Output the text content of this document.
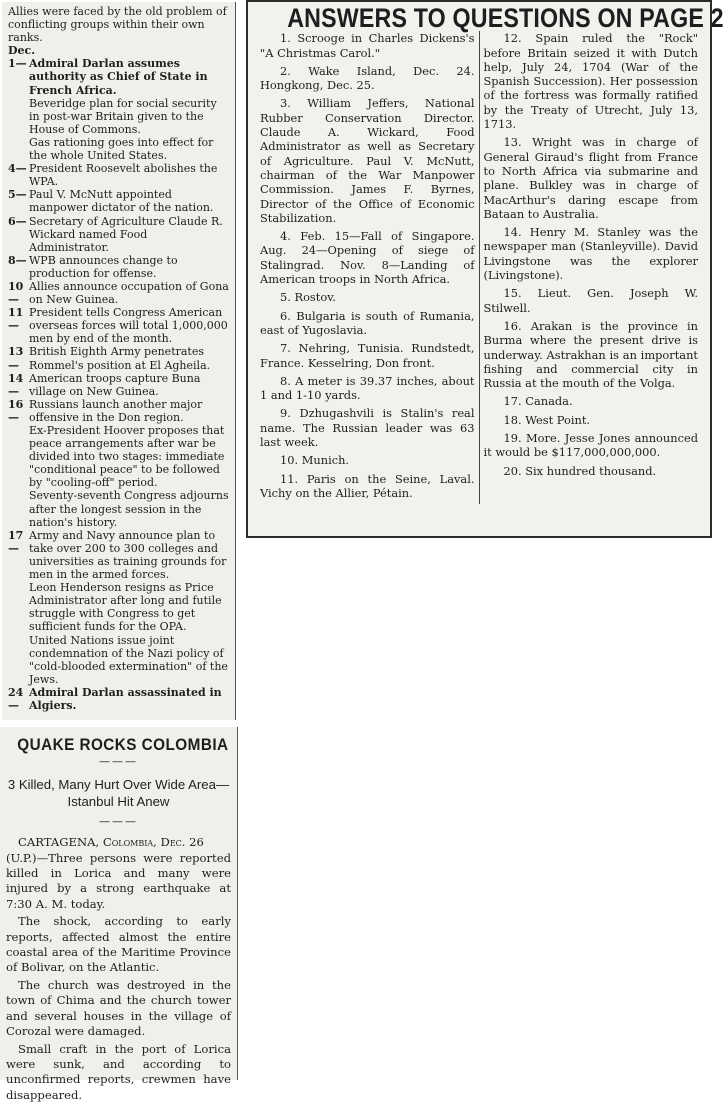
Allies were faced by the old problem of conflicting groups within their own ranks.

Dec.

1— Admiral Darlan assumes authority as Chief of State in French Africa.
Beveridge plan for social security in post-war Britain given to the House of Commons.
Gas rationing goes into effect for the whole United States.
4— President Roosevelt abolishes the WPA.
5— Paul V. McNutt appointed manpower dictator of the nation.
6— Secretary of Agriculture Claude R. Wickard named Food Administrator.
8— WPB announces change to production for offense.
10—
Allies announce occupation of Gona on New Guinea.
11—
President tells Congress American overseas forces will total 1,000,000 men by end of the month.
13—
British Eighth Army penetrates Rommel's position at El Agheila.
14—
American troops capture Buna village on New Guinea.
16—
Russians launch another major offensive in the Don region.
Ex-President Hoover proposes that peace arrangements after war be divided into two stages: immediate "conditional peace" to be followed by "cooling-off" period.
Seventy-seventh Congress adjourns after the longest session in the nation's history.
17—
Army and Navy announce plan to take over 200 to 300 colleges and universities as training grounds for men in the armed forces.
Leon Henderson resigns as Price Administrator after long and futile struggle with Congress to get sufficient funds for the OPA.
United Nations issue joint condemnation of the Nazi policy of "cold-blooded extermination" of the Jews.
24—
Admiral Darlan assassinated in Algiers.
ANSWERS TO QUESTIONS ON PAGE 2

1. Scrooge in Charles Dickens's "A Christmas Carol."

2. Wake Island, Dec. 24. Hongkong, Dec. 25.

3. William Jeffers, National Rubber Conservation Director. Claude A. Wickard, Food Administrator as well as Secretary of Agriculture. Paul V. McNutt, chairman of the War Manpower Commission. James F. Byrnes, Director of the Office of Economic Stabilization.

4. Feb. 15—Fall of Singapore. Aug. 24—Opening of siege of Stalingrad. Nov. 8—Landing of American troops in North Africa.

5. Rostov.

6. Bulgaria is south of Rumania, east of Yugoslavia.

7. Nehring, Tunisia. Rundstedt, France. Kesselring, Don front.

8. A meter is 39.37 inches, about 1 and 1-10 yards.

9. Dzhugashvili is Stalin's real name. The Russian leader was 63 last week.

10. Munich.

11. Paris on the Seine, Laval. Vichy on the Allier, Pétain.

12. Spain ruled the "Rock" before Britain seized it with Dutch help, July 24, 1704 (War of the Spanish Succession). Her possession of the fortress was formally ratified by the Treaty of Utrecht, July 13, 1713.

13. Wright was in charge of General Giraud's flight from France to North Africa via submarine and plane. Bulkley was in charge of MacArthur's daring escape from Bataan to Australia.

14. Henry M. Stanley was the newspaper man (Stanleyville). David Livingstone was the explorer (Livingstone).

15. Lieut. Gen. Joseph W. Stilwell.

16. Arakan is the province in Burma where the present drive is underway. Astrakhan is an important fishing and commercial city in Russia at the mouth of the Volga.

17. Canada.

18. West Point.

19. More. Jesse Jones announced it would be $117,000,000,000.

20. Six hundred thousand.

QUAKE ROCKS COLOMBIA
———
3 Killed, Many Hurt Over Wide Area—Istanbul Hit Anew
———

CARTAGENA, Colombia, Dec. 26
(U.P.)—Three persons were reported killed in Lorica and many were injured by a strong earthquake at 7:30 A. M. today.

The shock, according to early reports, affected almost the entire coastal area of the Maritime Province of Bolivar, on the Atlantic.

The church was destroyed in the town of Chima and the church tower and several houses in the village of Corozal were damaged.

Small craft in the port of Lorica were sunk, and according to unconfirmed reports, crewmen have disappeared.
